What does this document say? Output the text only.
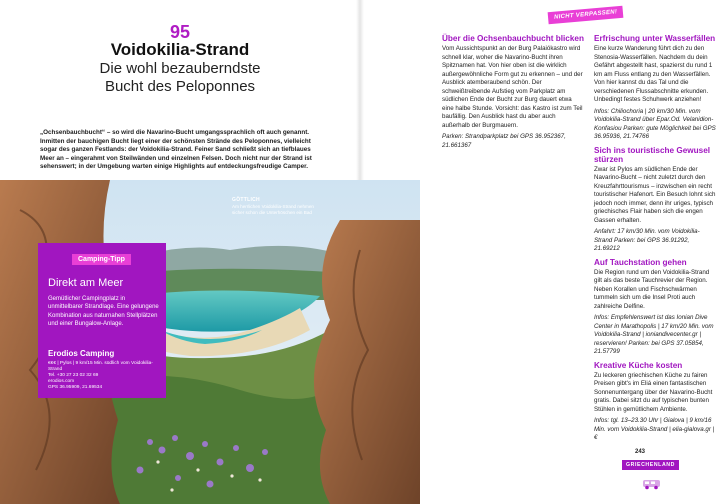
95
Voidokilia-Strand
Die wohl bezauberndste
Bucht des Peloponnes
„Ochsenbauchbucht“ – so wird die Navarino-Bucht umgangssprachlich oft auch genannt. Inmitten der bauchigen Bucht liegt einer der schönsten Strände des Peloponnes, vielleicht sogar des ganzen Festlands: der Voidokilia-Strand. Feiner Sand schließt sich an tiefblaues Meer an – eingerahmt von Steilwänden und einzelnen Felsen. Doch nicht nur der Strand ist sehenswert; in der Umgebung warten einige Highlights auf entdeckungsfreudige Camper.
NICHT VERPASSEN!
Über die Ochsenbauchbucht blicken

Vom Aussichtspunkt an der Burg Palaiókastro wird schnell klar, woher die Navarino-Bucht ihren Spitznamen hat. Von hier oben ist die wirklich außergewöhnliche Form gut zu erkennen – und der Ausblick atemberaubend schön. Der schweißtreibende Aufstieg vom Parkplatz am südlichen Ende der Bucht zur Burg dauert etwa eine halbe Stunde. Vorsicht: das Kastro ist zum Teil baufällig. Den Ausblick hast du aber auch außerhalb der Burgmauern.

Parken: Strandparkplatz bei GPS 36.952367, 21.661367

Erfrischung unter Wasserfällen

Eine kurze Wanderung führt dich zu den Stenosia-Wasserfällen. Nachdem du dein Gefährt abgestellt hast, spazierst du rund 1 km am Fluss entlang zu den Wasserfällen. Von hier kannst du das Tal und die verschiedenen Flussabschnitte erkunden. Unbedingt festes Schuhwerk anziehen!

Infos: Chiliochoria | 20 km/30 Min. vom Voidokilia-Strand über Epar.Od. Velanidion-Konfasiou Parken: gute Möglichkeit bei GPS 36.95936, 21.74766

Sich ins touristische Gewusel stürzen

Zwar ist Pylos am südlichen Ende der Navarino-Bucht – nicht zuletzt durch den Kreuzfahrttourismus – inzwischen ein recht touristischer Hafenort. Ein Besuch lohnt sich jedoch noch immer, denn ihr uriges, typisch griechisches Flair haben sich die engen Gassen erhalten.

Anfahrt: 17 km/30 Min. vom Voidokilia-Strand Parken: bei GPS 36.91292, 21.69212

Auf Tauchstation gehen

Die Region rund um den Voidokilia-Strand gilt als das beste Tauchrevier der Region. Neben Korallen und Fischschwärmen tummeln sich um die Insel Proti auch zahlreiche Delfine.

Infos: Empfehlenswert ist das Ionian Dive Center in Marathopolis | 17 km/20 Min. vom Voidokilia-Strand | ioniandivecenter.gr | reservieren! Parken: bei GPS 37.05854, 21.57799

Kreative Küche kosten

Zu leckeren griechischen Küche zu fairen Preisen gibt's im Eliá einen fantastischen Sonnenuntergang über der Navarino-Bucht gratis. Dabei sitzt du auf typischen bunten Stühlen in gemütlichem Ambiente.

Infos: tgl. 13–23.30 Uhr | Gialova | 9 km/16 Min. vom Voidokilia-Strand | elia-gialova.gr | €

243
GRIECHENLAND
GÖTTLICH
Am herrlichen Voidokilia-Strand nehmen sicher schon die Unterhöschen ein Bad
Camping-Tipp
Direkt am Meer
Gemütlicher Campingplatz in unmittelbarer Strandlage. Eine gelungene Kombination aus naturnahen Stellplätzen und einer Bungalow-Anlage.
Erodios Camping
€€€ | Pylos | 9 km/15 Min. südlich vom Voidokilia-Strand
Tel. +30 27 23 02 32 69
erodios.com
GPS 36.95909, 21.69534
